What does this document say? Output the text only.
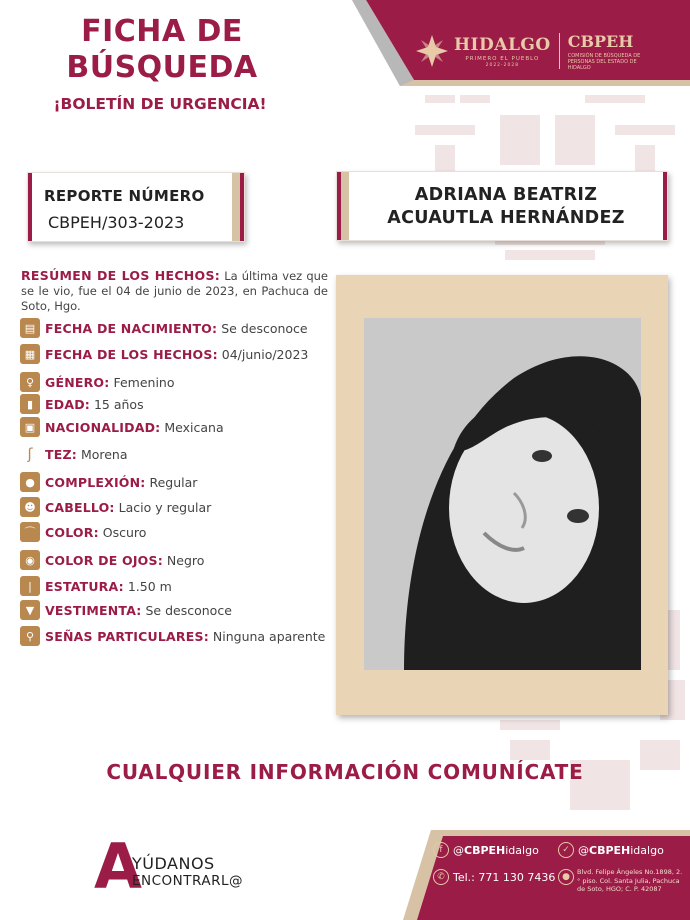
FICHA DE
BÚSQUEDA
¡BOLETÍN DE URGENCIA!
HIDALGO
PRIMERO EL PUEBLO
2022-2028
CBPEH
COMISIÓN DE BÚSQUEDA DE PERSONAS DEL ESTADO DE HIDALGO
REPORTE NÚMERO
CBPEH/303-2023
ADRIANA BEATRIZ
ACUAUTLA HERNÁNDEZ
RESÚMEN DE LOS HECHOS: La última vez que se le vio, fue el 04 de junio de 2023, en Pachuca de Soto, Hgo.
▤ FECHA DE NACIMIENTO: Se desconoce
▦ FECHA DE LOS HECHOS: 04/junio/2023
♀ GÉNERO: Femenino
▮ EDAD: 15 años
▣ NACIONALIDAD: Mexicana
ʃ TEZ: Morena
● COMPLEXIÓN: Regular
☻ CABELLO: Lacio y regular
⌒ COLOR: Oscuro
◉ COLOR DE OJOS: Negro
|	ESTATURA: 1.50 m
▼ VESTIMENTA: Se desconoce
⚲ SEÑAS PARTICULARES: Ninguna aparente
CUALQUIER INFORMACIÓN COMUNÍCATE
A
YÚDANOS
ENCONTRARL@
f @ CBPEH idalgo	✓ @ CBPEH idalgo
✆ Tel.: 771 130 7436 ●	Blvd. Felipe Ángeles No.1898, 2.° piso. Col. Santa Julia, Pachuca de Soto, HGO; C. P. 42087
